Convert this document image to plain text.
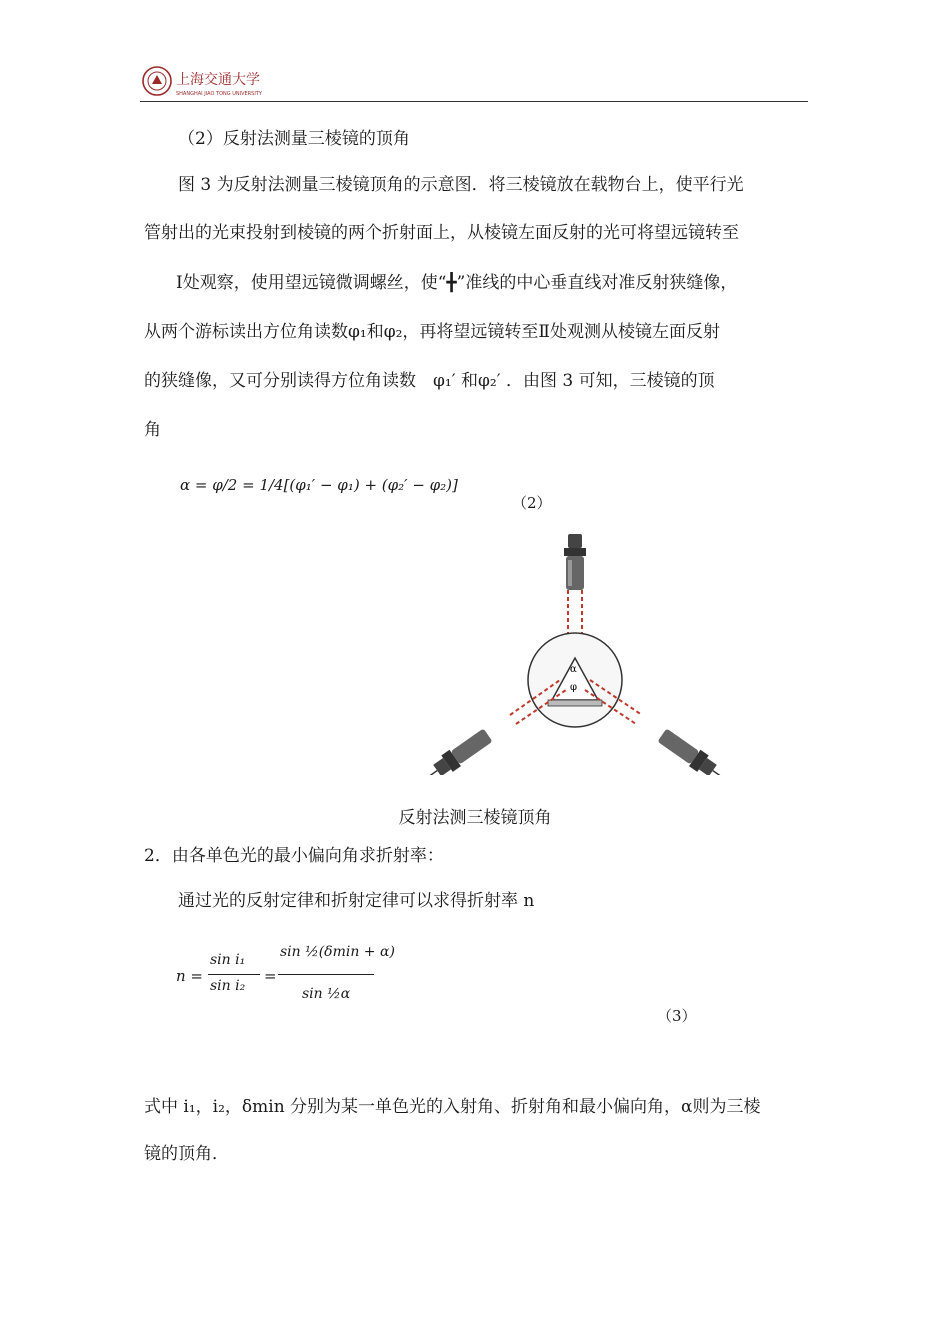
上海交通大学
SHANGHAI JIAO TONG UNIVERSITY
（2）反射法测量三棱镜的顶角
图 3 为反射法测量三棱镜顶角的示意图．将三棱镜放在载物台上，使平行光
管射出的光束投射到棱镜的两个折射面上，从棱镜左面反射的光可将望远镜转至
Ⅰ处观察，使用望远镜微调螺丝，使“╋”准线的中心垂直线对准反射狭缝像，
从两个游标读出方位角读数φ₁和φ₂，再将望远镜转至Ⅱ处观测从棱镜左面反射
的狭缝像，又可分别读得方位角读数　φ₁′ 和φ₂′ ．由图 3 可知，三棱镜的顶
角
α = φ/2 = 1/4[(φ₁′ − φ₁) + (φ₂′ − φ₂)]
（2）
α
φ
反射法测三棱镜顶角
2．由各单色光的最小偏向角求折射率：
通过光的反射定律和折射定律可以求得折射率 n
n =
sin i₁
sin i₂
=
sin ½(δmin + α)
sin ½α
（3）
式中 i₁，i₂，δmin 分别为某一单色光的入射角、折射角和最小偏向角，α则为三棱
镜的顶角．
